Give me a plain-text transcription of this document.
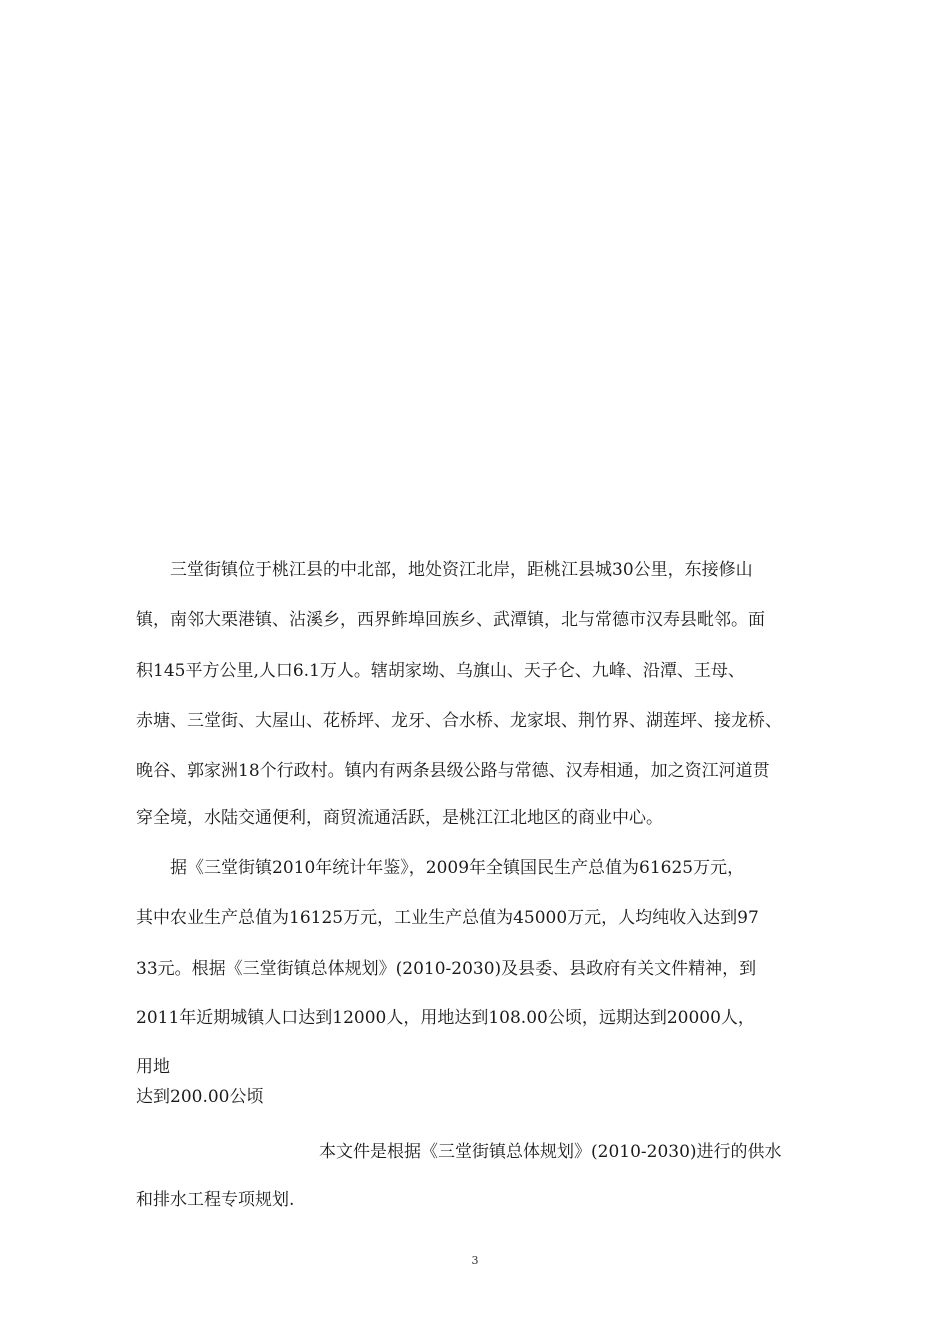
　　三堂街镇位于桃江县的中北部，地处资江北岸，距桃江县城30公里，东接修山
镇，南邻大栗港镇、沾溪乡，西界鲊埠回族乡、武潭镇，北与常德市汉寿县毗邻。面
积145平方公里,人口6.1万人。辖胡家坳、乌旗山、天子仑、九峰、沿潭、王母、
赤塘、三堂街、大屋山、花桥坪、龙牙、合水桥、龙家垠、荆竹界、湖莲坪、接龙桥、
晚谷、郭家洲18个行政村。镇内有两条县级公路与常德、汉寿相通，加之资江河道贯
穿全境，水陆交通便利，商贸流通活跃，是桃江江北地区的商业中心。
　　据《三堂街镇2010年统计年鉴》，2009年全镇国民生产总值为61625万元，
其中农业生产总值为16125万元，工业生产总值为45000万元，人均纯收入达到97
33元。根据《三堂街镇总体规划》(2010-2030)及县委、县政府有关文件精神，到
2011年近期城镇人口达到12000人，用地达到108.00公顷，远期达到20000人，
用地
达到200.00公顷
本文件是根据《三堂街镇总体规划》(2010-2030)进行的供水
和排水工程专项规划.
3
